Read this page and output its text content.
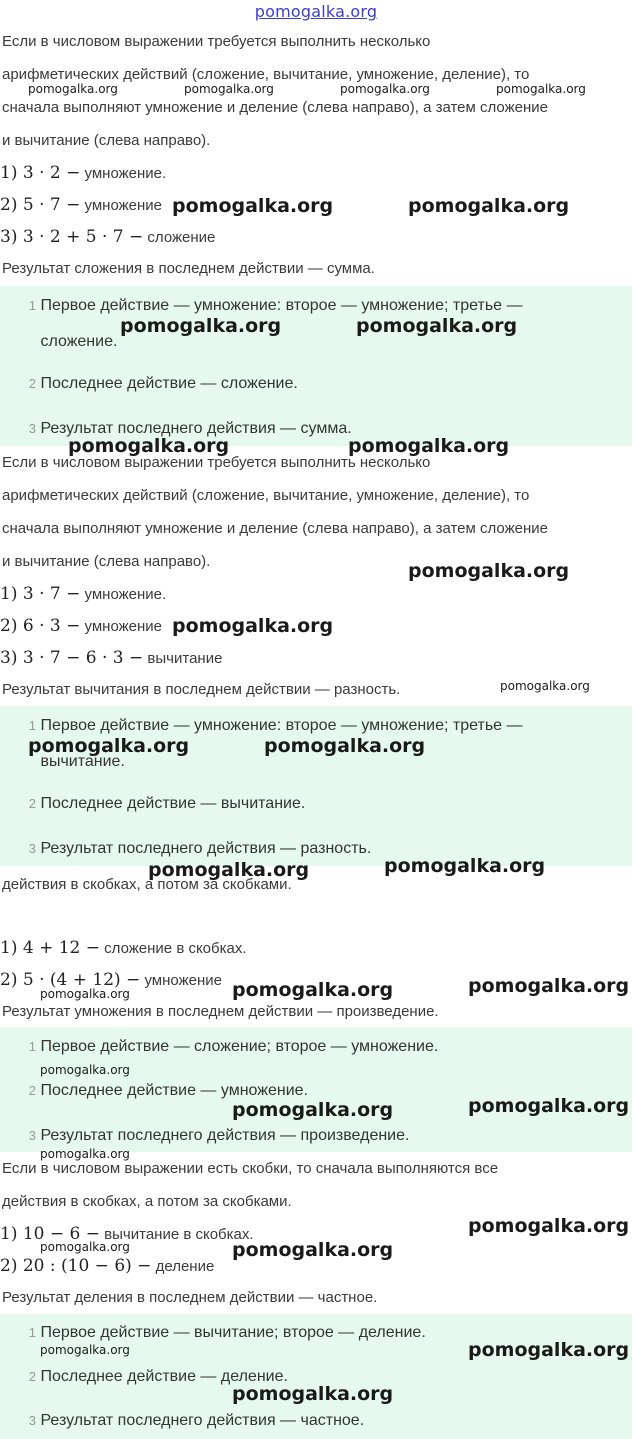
pomogalka.org

Если в числовом выражении требуется выполнить несколько

арифметических действий (сложение, вычитание, умножение, деление), то

сначала выполняют умножение и деление (слева направо), а затем сложение

и вычитание (слева направо).

1) 3 · 2 − умножение.
2) 5 · 7 − умножение
3) 3 · 2 + 5 · 7 − сложение

Результат сложения в последнем действии — сумма.

1 Первое действие — умножение: второе — умножение; третье — сложение.
2 Последнее действие — сложение.
3 Результат последнего действия — сумма.

Если в числовом выражении требуется выполнить несколько

арифметических действий (сложение, вычитание, умножение, деление), то

сначала выполняют умножение и деление (слева направо), а затем сложение

и вычитание (слева направо).

1) 3 · 7 − умножение.
2) 6 · 3 − умножение
3) 3 · 7 − 6 · 3 − вычитание

Результат вычитания в последнем действии — разность.

1 Первое действие — умножение: второе — умножение; третье — вычитание.
2 Последнее действие — вычитание.
3 Результат последнего действия — разность.

действия в скобках, а потом за скобками.

1) 4 + 12 − сложение в скобках.
2) 5 · (4 + 12) − умножение

Результат умножения в последнем действии — произведение.

1 Первое действие — сложение; второе — умножение.
2 Последнее действие — умножение.
3 Результат последнего действия — произведение.

Если в числовом выражении есть скобки, то сначала выполняются все

действия в скобках, а потом за скобками.

1) 10 − 6 − вычитание в скобках.
2) 20 : (10 − 6) − деление

Результат деления в последнем действии — частное.

1 Первое действие — вычитание; второе — деление.
2 Последнее действие — деление.
3 Результат последнего действия — частное.
pomogalka.org	pomogalka.org	pomogalka.org	pomogalka.org
pomogalka.org	pomogalka.org
pomogalka.org	pomogalka.org
pomogalka.org	pomogalka.org
pomogalka.org
pomogalka.org
pomogalka.org
pomogalka.org	pomogalka.org
pomogalka.org	pomogalka.org
pomogalka.org	pomogalka.org
pomogalka.org
pomogalka.org
pomogalka.org	pomogalka.org
pomogalka.org
pomogalka.org
pomogalka.org	pomogalka.org
pomogalka.org	pomogalka.org
pomogalka.org
